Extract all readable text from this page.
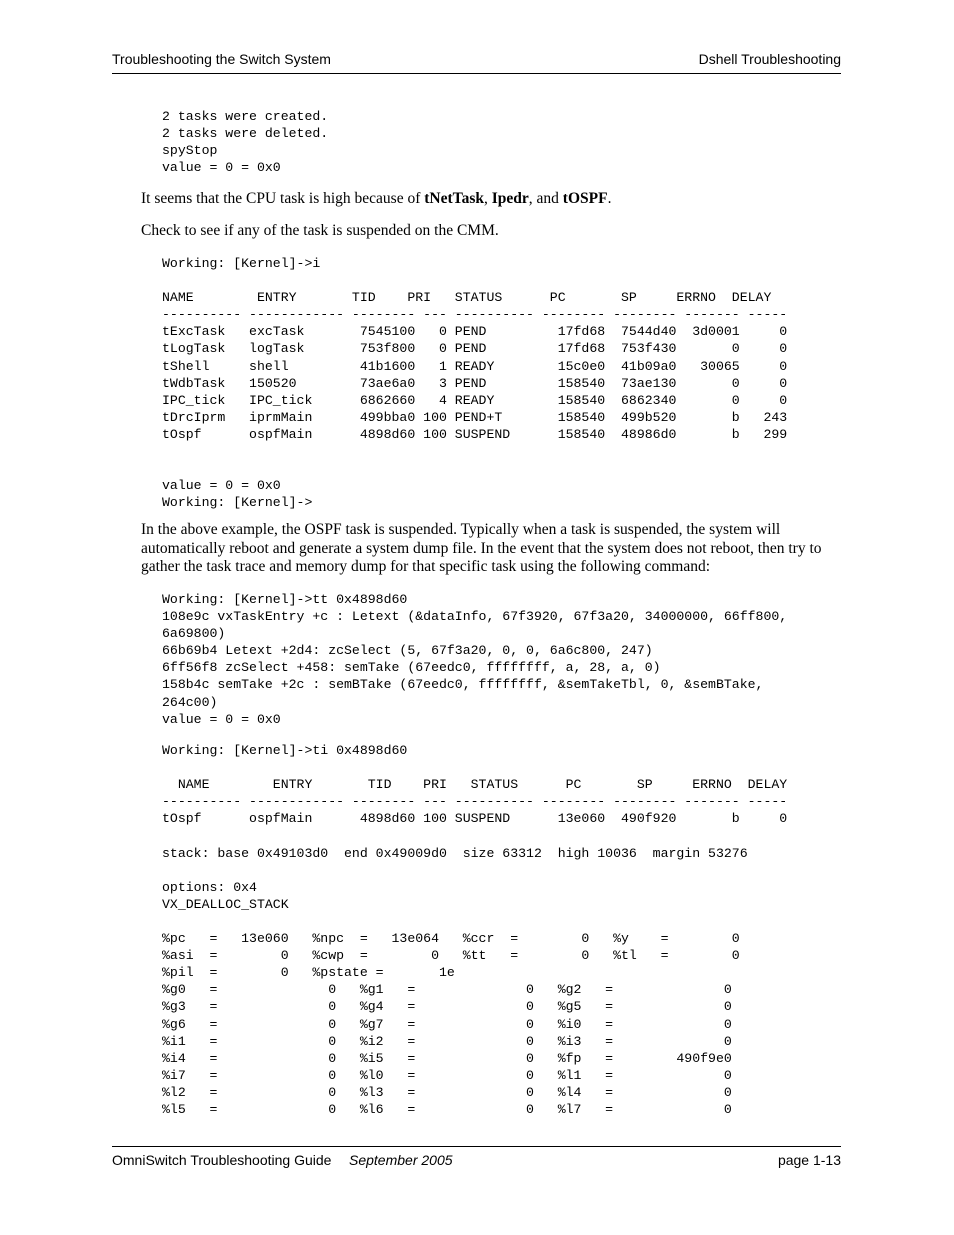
Troubleshooting the Switch System	Dshell Troubleshooting
2 tasks were created.
2 tasks were deleted.
spyStop
value = 0 = 0x0

It seems that the CPU task is high because of tNetTask, Ipedr, and tOSPF.

Check to see if any of the task is suspended on the CMM.

Working: [Kernel]->i

NAME        ENTRY       TID    PRI   STATUS      PC       SP     ERRNO  DELAY
---------- ------------ -------- --- ---------- -------- -------- ------- -----
tExcTask   excTask       7545100   0 PEND         17fd68  7544d40  3d0001     0
tLogTask   logTask       753f800   0 PEND         17fd68  753f430       0     0
tShell     shell         41b1600   1 READY        15c0e0  41b09a0   30065     0
tWdbTask   150520        73ae6a0   3 PEND         158540  73ae130       0     0
IPC_tick   IPC_tick      6862660   4 READY        158540  6862340       0     0
tDrcIprm   iprmMain      499bba0 100 PEND+T       158540  499b520       b   243
tOspf      ospfMain      4898d60 100 SUSPEND      158540  48986d0       b   299

value = 0 = 0x0
Working: [Kernel]->

In the above example, the OSPF task is suspended. Typically when a task is suspended, the system will automatically reboot and generate a system dump file. In the event that the system does not reboot, then try to gather the task trace and memory dump for that specific task using the following command:

Working: [Kernel]->tt 0x4898d60
108e9c vxTaskEntry +c : Letext (&dataInfo, 67f3920, 67f3a20, 34000000, 66ff800,
6a69800)
66b69b4 Letext +2d4: zcSelect (5, 67f3a20, 0, 0, 6a6c800, 247)
6ff56f8 zcSelect +458: semTake (67eedc0, ffffffff, a, 28, a, 0)
158b4c semTake +2c : semBTake (67eedc0, ffffffff, &semTakeTbl, 0, &semBTake,
264c00)
value = 0 = 0x0
Working: [Kernel]->ti 0x4898d60

NAME        ENTRY       TID    PRI   STATUS      PC       SP     ERRNO  DELAY
---------- ------------ -------- --- ---------- -------- -------- ------- -----
tOspf      ospfMain      4898d60 100 SUSPEND      13e060  490f920       b     0

stack: base 0x49103d0  end 0x49009d0  size 63312  high 10036  margin 53276

options: 0x4
VX_DEALLOC_STACK

%pc   =   13e060   %npc  =   13e064   %ccr  =        0   %y    =        0
%asi  =        0   %cwp  =        0   %tt   =        0   %tl   =        0
%pil  =        0   %pstate =       1e
%g0   =              0   %g1   =              0   %g2   =              0
%g3   =              0   %g4   =              0   %g5   =              0
%g6   =              0   %g7   =              0   %i0   =              0
%i1   =              0   %i2   =              0   %i3   =              0
%i4   =              0   %i5   =              0   %fp   =        490f9e0
%i7   =              0   %l0   =              0   %l1   =              0
%l2   =              0   %l3   =              0   %l4   =              0
%l5   =              0   %l6   =              0   %l7   =              0
OmniSwitch Troubleshooting Guide September 2005	page 1-13
